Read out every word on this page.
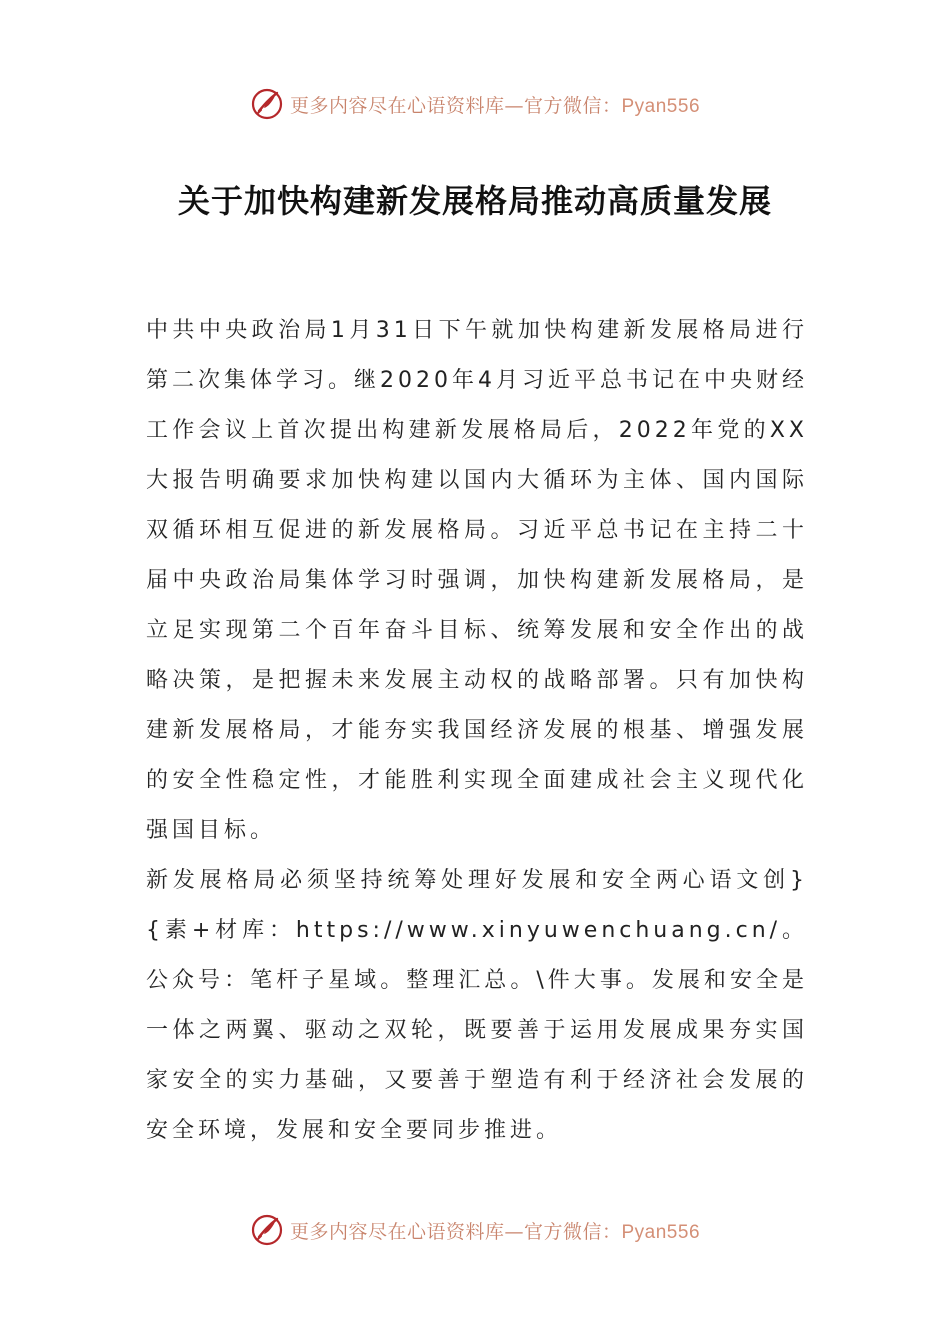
更多内容尽在心语资料库—官方微信：Pyan556
关于加快构建新发展格局推动高质量发展

中共中央政治局1月31日下午就加快构建新发展格局进行第二次集体学习。继2020年4月习近平总书记在中央财经工作会议上首次提出构建新发展格局后，2022年党的XX大报告明确要求加快构建以国内大循环为主体、国内国际双循环相互促进的新发展格局。习近平总书记在主持二十届中央政治局集体学习时强调，加快构建新发展格局，是立足实现第二个百年奋斗目标、统筹发展和安全作出的战略决策，是把握未来发展主动权的战略部署。只有加快构建新发展格局，才能夯实我国经济发展的根基、增强发展的安全性稳定性，才能胜利实现全面建成社会主义现代化强国目标。

新发展格局必须坚持统筹处理好发展和安全两心语文创}{素+材库：https://www.xinyuwenchuang.cn/。公众号：笔杆子星域。整理汇总。\件大事。发展和安全是一体之两翼、驱动之双轮，既要善于运用发展成果夯实国家安全的实力基础，又要善于塑造有利于经济社会发展的安全环境，发展和安全要同步推进。

更多内容尽在心语资料库—官方微信：Pyan556
